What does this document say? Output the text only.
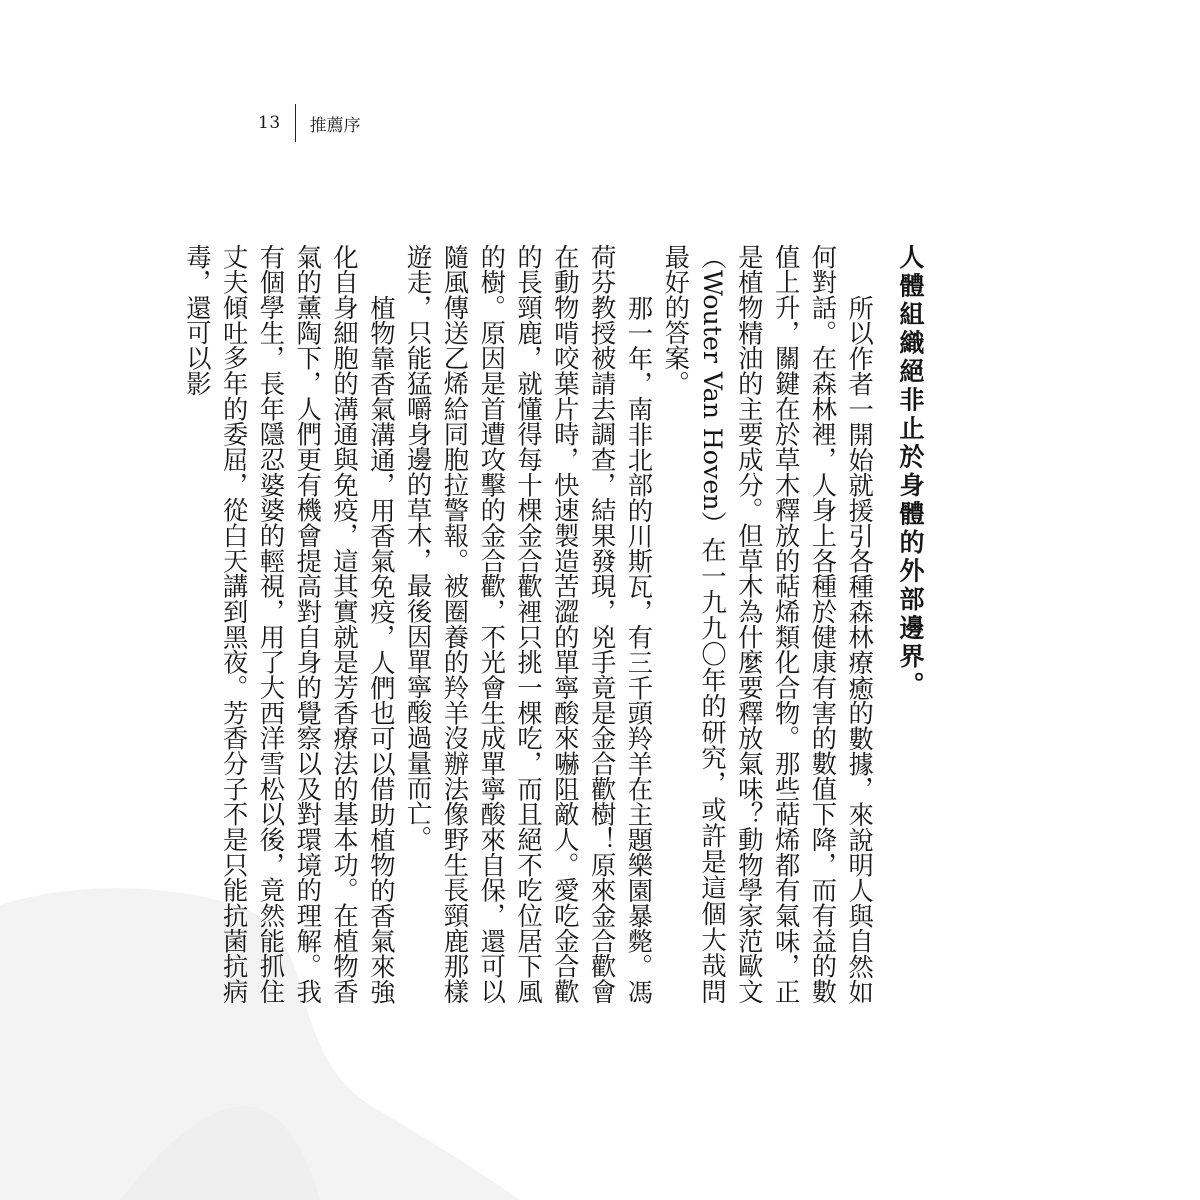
13 推薦序

人體組織絕非止於身體的外部邊界。

所以作者一開始就援引各種森林療癒的數據，來說明人與自然如何對話。在森林裡，人身上各種於健康有害的數值下降，而有益的數值上升，關鍵在於草木釋放的萜烯類化合物。那些萜烯都有氣味，正是植物精油的主要成分。但草木為什麼要釋放氣味？動物學家范歐文（Wouter Van Hoven）在一九九〇年的研究，或許是這個大哉問最好的答案。

那一年，南非北部的川斯瓦，有三千頭羚羊在主題樂園暴斃。馮荷芬教授被請去調查，結果發現，兇手竟是金合歡樹！原來金合歡會在動物啃咬葉片時，快速製造苦澀的單寧酸來嚇阻敵人。愛吃金合歡的長頸鹿，就懂得每十棵金合歡裡只挑一棵吃，而且絕不吃位居下風的樹。原因是首遭攻擊的金合歡，不光會生成單寧酸來自保，還可以隨風傳送乙烯給同胞拉警報。被圈養的羚羊沒辦法像野生長頸鹿那樣遊走，只能猛嚼身邊的草木，最後因單寧酸過量而亡。

植物靠香氣溝通，用香氣免疫，人們也可以借助植物的香氣來強化自身細胞的溝通與免疫，這其實就是芳香療法的基本功。在植物香氣的薰陶下，人們更有機會提高對自身的覺察以及對環境的理解。我有個學生，長年隱忍婆婆的輕視，用了大西洋雪松以後，竟然能抓住丈夫傾吐多年的委屈，從白天講到黑夜。芳香分子不是只能抗菌抗病毒，還可以影
